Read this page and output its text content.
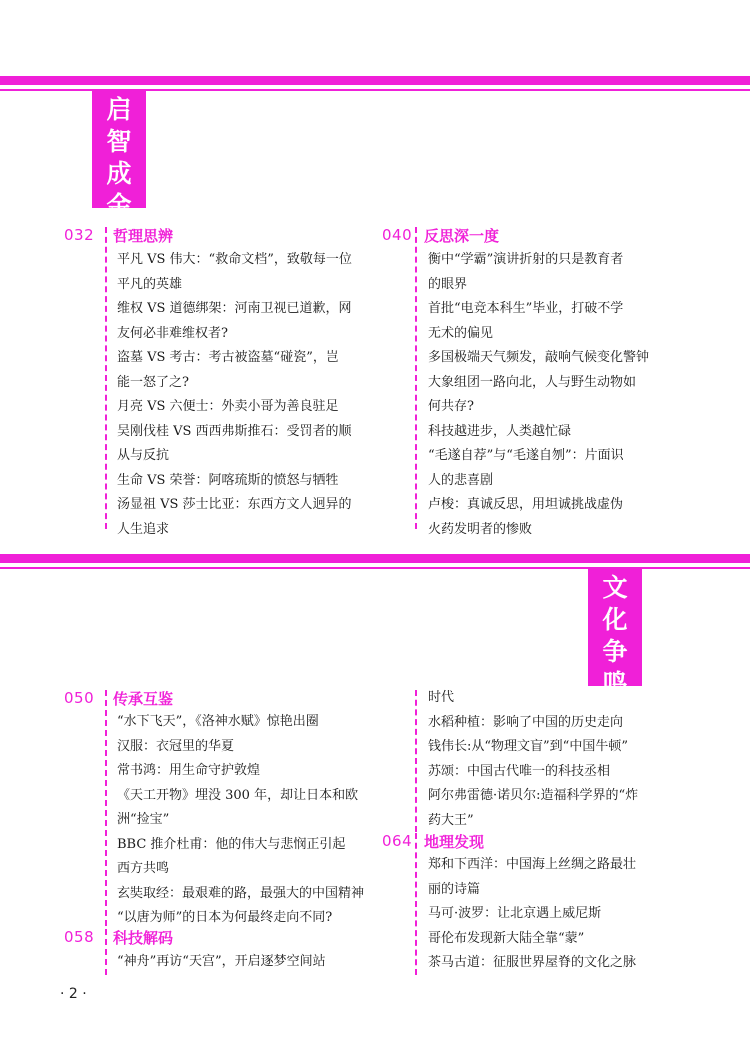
启
智
成
金
032 哲理思辨
平凡 VS 伟大：“救命文档”，致敬每一位
平凡的英雄
维权 VS 道德绑架：河南卫视已道歉，网
友何必非难维权者?
盗墓 VS 考古：考古被盗墓“碰瓷”，岂
能一怒了之?
月亮 VS 六便士：外卖小哥为善良驻足
吴刚伐桂 VS 西西弗斯推石：受罚者的顺
从与反抗
生命 VS 荣誉：阿喀琉斯的愤怒与牺牲
汤显祖 VS 莎士比亚：东西方文人迥异的
人生追求
040 反思深一度
衡中“学霸”演讲折射的只是教育者
的眼界
首批“电竞本科生”毕业，打破不学
无术的偏见
多国极端天气频发，敲响气候变化警钟
大象组团一路向北，人与野生动物如
何共存?
科技越进步，人类越忙碌
“毛遂自荐”与“毛遂自刎”：片面识
人的悲喜剧
卢梭：真诚反思，用坦诚挑战虚伪
火药发明者的惨败
文
化
争
鸣
050 传承互鉴
“水下飞天”，《洛神水赋》惊艳出圈
汉服：衣冠里的华夏
常书鸿：用生命守护敦煌
《天工开物》埋没 300 年，却让日本和欧
洲“捡宝”
BBC 推介杜甫：他的伟大与悲悯正引起
西方共鸣
玄奘取经：最艰难的路，最强大的中国精神
“以唐为师”的日本为何最终走向不同?
058 科技解码
“神舟”再访“天宫”，开启逐梦空间站
时代
水稻种植：影响了中国的历史走向
钱伟长:从“物理文盲”到“中国牛顿”
苏颂：中国古代唯一的科技丞相
阿尔弗雷德·诺贝尔:造福科学界的“炸
药大王”
064 地理发现
郑和下西洋：中国海上丝绸之路最壮
丽的诗篇
马可·波罗：让北京遇上威尼斯
哥伦布发现新大陆全靠“蒙”
茶马古道：征服世界屋脊的文化之脉
· 2 ·
